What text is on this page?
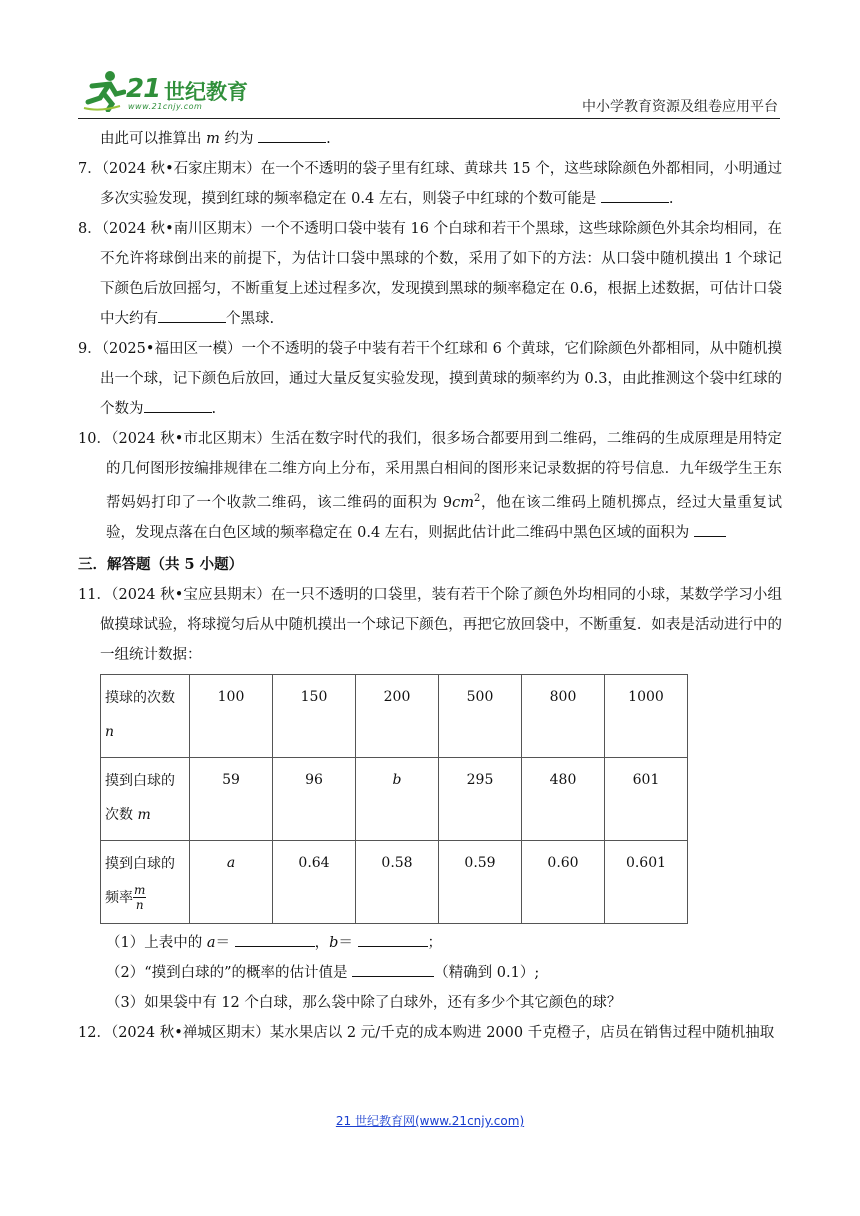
21 世纪教育
www.21cnjy.com	中小学教育资源及组卷应用平台

由此可以推算出 m 约为	.

7．（2024 秋•石家庄期末）在一个不透明的袋子里有红球、黄球共 15 个，这些球除颜色外都相同，小明通过多次实验发现，摸到红球的频率稳定在 0.4 左右，则袋子中红球的个数可能是	.

8．（2024 秋•南川区期末）一个不透明口袋中装有 16 个白球和若干个黑球，这些球除颜色外其余均相同，在不允许将球倒出来的前提下，为估计口袋中黑球的个数，采用了如下的方法：从口袋中随机摸出 1 个球记下颜色后放回摇匀，不断重复上述过程多次，发现摸到黑球的频率稳定在 0.6，根据上述数据，可估计口袋中大约有	个黑球.

9．（2025•福田区一模）一个不透明的袋子中装有若干个红球和 6 个黄球，它们除颜色外都相同，从中随机摸出一个球，记下颜色后放回，通过大量反复实验发现，摸到黄球的频率约为 0.3，由此推测这个袋中红球的个数为	.

10．（2024 秋•市北区期末）生活在数字时代的我们，很多场合都要用到二维码，二维码的生成原理是用特定的几何图形按编排规律在二维方向上分布，采用黑白相间的图形来记录数据的符号信息．九年级学生王东帮妈妈打印了一个收款二维码，该二维码的面积为 $9cm^2$，他在该二维码上随机掷点，经过大量重复试验，发现点落在白色区域的频率稳定在 0.4 左右，则据此估计此二维码中黑色区域的面积为

三．解答题（共 5 小题）

11．（2024 秋•宝应县期末）在一只不透明的口袋里，装有若干个除了颜色外均相同的小球，某数学学习小组做摸球试验，将球搅匀后从中随机摸出一个球记下颜色，再把它放回袋中，不断重复．如表是活动进行中的一组统计数据：

摸球的次数
n	100	150	200	500	800	1000
摸到白球的
次数 m	59	96	b	295	480	601
摸到白球的
频率 $\frac{m}{n}$	a	0.64	0.58	0.59	0.60	0.601

（1）上表中的 a＝	，b＝	；

（2）“摸到白球的”的概率的估计值是	（精确到 0.1）;

（3）如果袋中有 12 个白球，那么袋中除了白球外，还有多少个其它颜色的球？

12．（2024 秋•禅城区期末）某水果店以 2 元/千克的成本购进 2000 千克橙子，店员在销售过程中随机抽取

21 世纪教育网(www.21cnjy.com)
